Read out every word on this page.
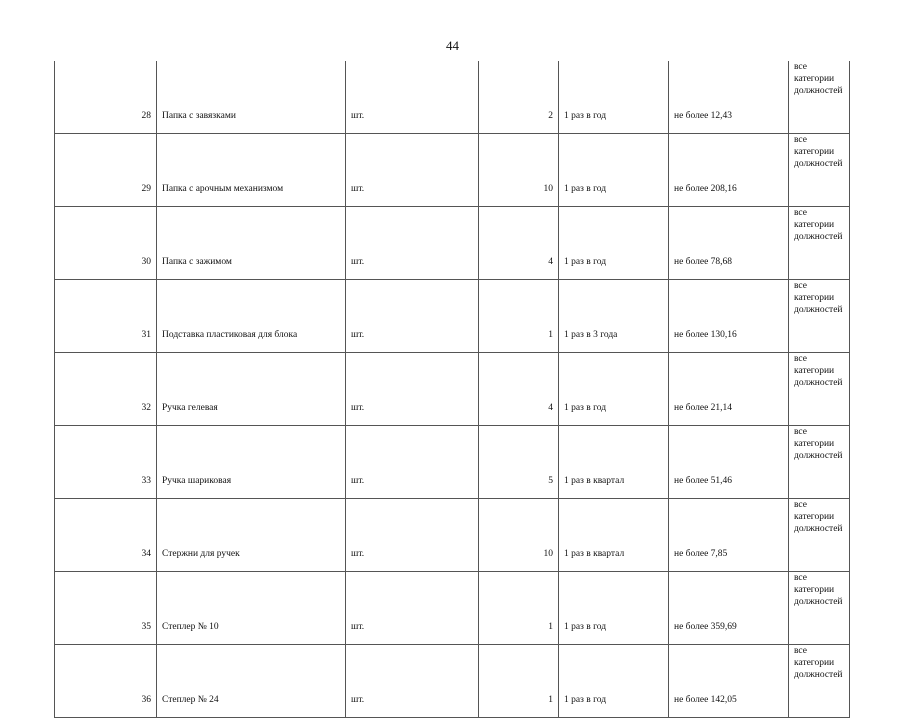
44
28	Папка с завязками	шт.	2	1 раз в год	не более 12,43	все категории должностей
29	Папка с арочным механизмом	шт.	10	1 раз в год	не более 208,16	все категории должностей
30	Папка с зажимом	шт.	4	1 раз в год	не более 78,68	все категории должностей
31	Подставка пластиковая для блока	шт.	1	1 раз в 3 года	не более 130,16	все категории должностей
32	Ручка гелевая	шт.	4	1 раз в год	не более 21,14	все категории должностей
33	Ручка шариковая	шт.	5	1 раз в квартал	не более 51,46	все категории должностей
34	Стержни для ручек	шт.	10	1 раз в квартал	не более 7,85	все категории должностей
35	Степлер № 10	шт.	1	1 раз в год	не более 359,69	все категории должностей
36	Степлер № 24	шт.	1	1 раз в год	не более 142,05	все категории должностей
